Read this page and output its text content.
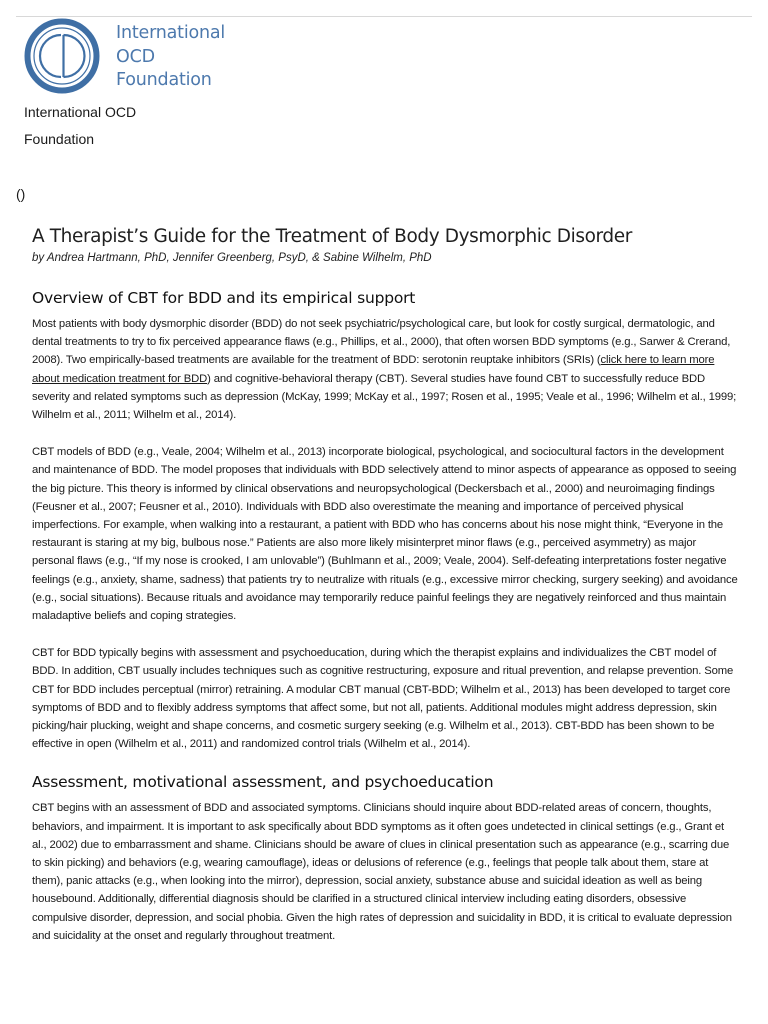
International
OCD
Foundation
International OCD Foundation
()
A Therapist’s Guide for the Treatment of Body Dysmorphic Disorder
by Andrea Hartmann, PhD, Jennifer Greenberg, PsyD, & Sabine Wilhelm, PhD
Overview of CBT for BDD and its empirical support

Most patients with body dysmorphic disorder (BDD) do not seek psychiatric/psychological care, but look for costly surgical, dermatologic, and dental treatments to try to fix perceived appearance flaws (e.g., Phillips, et al., 2000), that often worsen BDD symptoms (e.g., Sarwer & Crerand, 2008). Two empirically-based treatments are available for the treatment of BDD: serotonin reuptake inhibitors (SRIs) (click here to learn more about medication treatment for BDD) and cognitive-behavioral therapy (CBT). Several studies have found CBT to successfully reduce BDD severity and related symptoms such as depression (McKay, 1999; McKay et al., 1997; Rosen et al., 1995; Veale et al., 1996; Wilhelm et al., 1999; Wilhelm et al., 2011; Wilhelm et al., 2014).

CBT models of BDD (e.g., Veale, 2004; Wilhelm et al., 2013) incorporate biological, psychological, and sociocultural factors in the development and maintenance of BDD. The model proposes that individuals with BDD selectively attend to minor aspects of appearance as opposed to seeing the big picture. This theory is informed by clinical observations and neuropsychological (Deckersbach et al., 2000) and neuroimaging findings (Feusner et al., 2007; Feusner et al., 2010). Individuals with BDD also overestimate the meaning and importance of perceived physical imperfections. For example, when walking into a restaurant, a patient with BDD who has concerns about his nose might think, “Everyone in the restaurant is staring at my big, bulbous nose.” Patients are also more likely misinterpret minor flaws (e.g., perceived asymmetry) as major personal flaws (e.g., “If my nose is crooked, I am unlovable”) (Buhlmann et al., 2009; Veale, 2004). Self-defeating interpretations foster negative feelings (e.g., anxiety, shame, sadness) that patients try to neutralize with rituals (e.g., excessive mirror checking, surgery seeking) and avoidance (e.g., social situations). Because rituals and avoidance may temporarily reduce painful feelings they are negatively reinforced and thus maintain maladaptive beliefs and coping strategies.

CBT for BDD typically begins with assessment and psychoeducation, during which the therapist explains and individualizes the CBT model of BDD. In addition, CBT usually includes techniques such as cognitive restructuring, exposure and ritual prevention, and relapse prevention. Some CBT for BDD includes perceptual (mirror) retraining. A modular CBT manual (CBT-BDD; Wilhelm et al., 2013) has been developed to target core symptoms of BDD and to flexibly address symptoms that affect some, but not all, patients. Additional modules might address depression, skin picking/hair plucking, weight and shape concerns, and cosmetic surgery seeking (e.g. Wilhelm et al., 2013). CBT-BDD has been shown to be effective in open (Wilhelm et al., 2011) and randomized control trials (Wilhelm et al., 2014).

Assessment, motivational assessment, and psychoeducation

CBT begins with an assessment of BDD and associated symptoms. Clinicians should inquire about BDD-related areas of concern, thoughts, behaviors, and impairment. It is important to ask specifically about BDD symptoms as it often goes undetected in clinical settings (e.g., Grant et al., 2002) due to embarrassment and shame. Clinicians should be aware of clues in clinical presentation such as appearance (e.g., scarring due to skin picking) and behaviors (e.g, wearing camouflage), ideas or delusions of reference (e.g., feelings that people talk about them, stare at them), panic attacks (e.g., when looking into the mirror), depression, social anxiety, substance abuse and suicidal ideation as well as being housebound. Additionally, differential diagnosis should be clarified in a structured clinical interview including eating disorders, obsessive compulsive disorder, depression, and social phobia. Given the high rates of depression and suicidality in BDD, it is critical to evaluate depression and suicidality at the onset and regularly throughout treatment.
